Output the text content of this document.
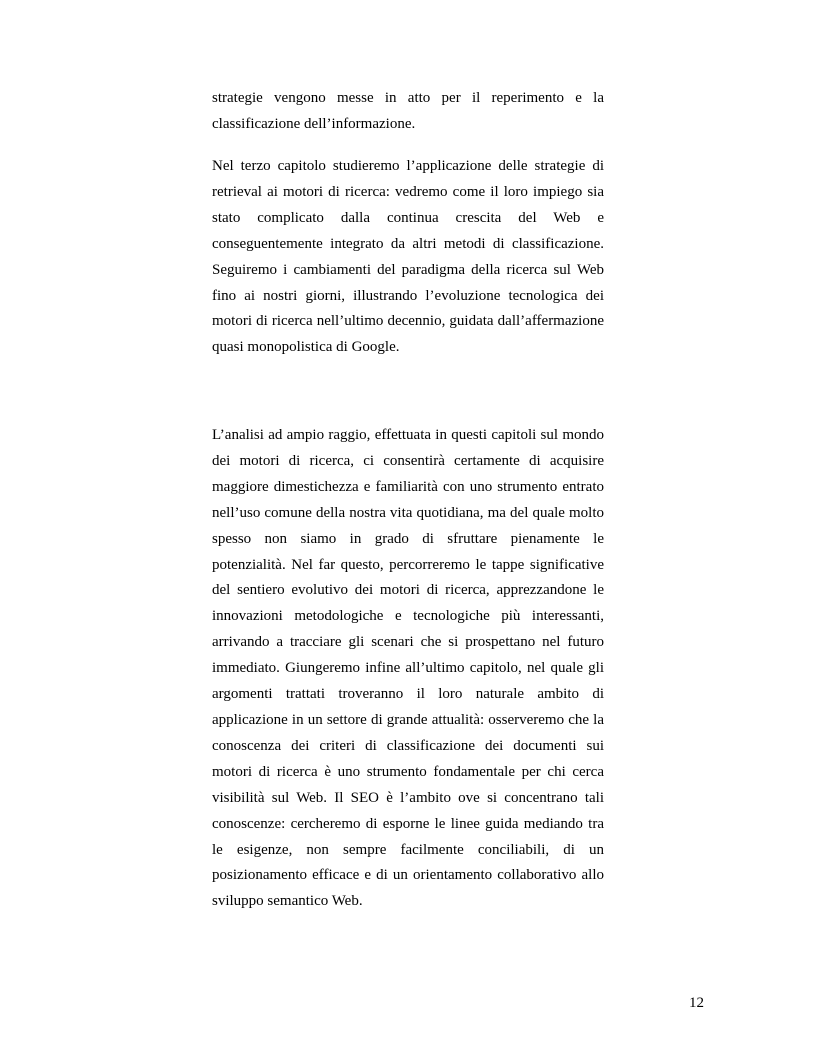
strategie vengono messe in atto per il reperimento e la classificazione dell’informazione.

Nel terzo capitolo studieremo l’applicazione delle strategie di retrieval ai motori di ricerca: vedremo come il loro impiego sia stato complicato dalla continua crescita del Web e conseguentemente integrato da altri metodi di classificazione. Seguiremo i cambiamenti del paradigma della ricerca sul Web fino ai nostri giorni, illustrando l’evoluzione tecnologica dei motori di ricerca nell’ultimo decennio, guidata dall’affermazione quasi monopolistica di Google.

L’analisi ad ampio raggio, effettuata in questi capitoli sul mondo dei motori di ricerca, ci consentirà certamente di acquisire maggiore dimestichezza e familiarità con uno strumento entrato nell’uso comune della nostra vita quotidiana, ma del quale molto spesso non siamo in grado di sfruttare pienamente le potenzialità. Nel far questo, percorreremo le tappe significative del sentiero evolutivo dei motori di ricerca, apprezzandone le innovazioni metodologiche e tecnologiche più interessanti, arrivando a tracciare gli scenari che si prospettano nel futuro immediato. Giungeremo infine all’ultimo capitolo, nel quale gli argomenti trattati troveranno il loro naturale ambito di applicazione in un settore di grande attualità: osserveremo che la conoscenza dei criteri di classificazione dei documenti sui motori di ricerca è uno strumento fondamentale per chi cerca visibilità sul Web. Il SEO è l’ambito ove si concentrano tali conoscenze: cercheremo di esporne le linee guida mediando tra le esigenze, non sempre facilmente conciliabili, di un posizionamento efficace e di un orientamento collaborativo allo sviluppo semantico Web.

12
